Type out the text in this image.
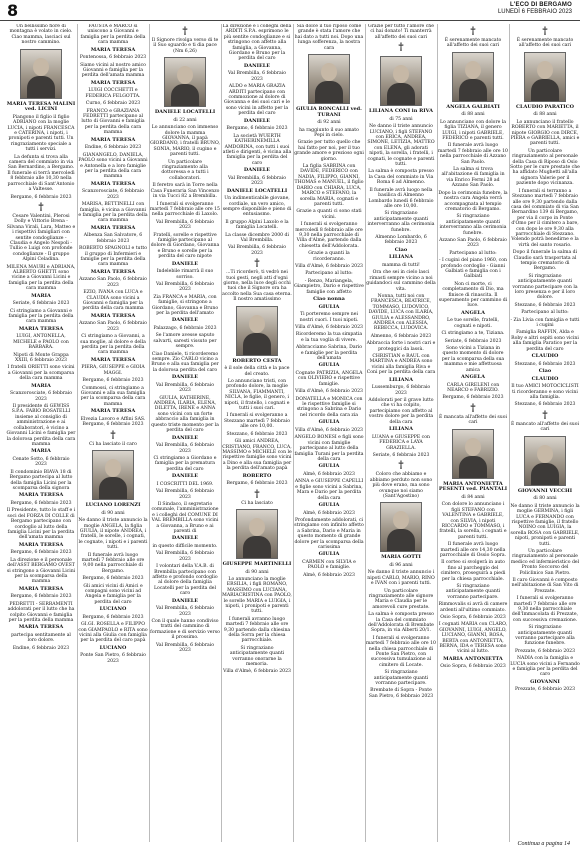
8	L'ECO DI BERGAMO
LUNEDÌ 6 FEBBRAIO 2023

Un bellissimo fiore di montagna è volato in cielo. Ciao mamma, lasciaci sul nostro cammino.

MARIA TERESA MALINI ved. LICINI

Piangono il figlio il figlio ADRIANO con la moglie LUCIA, i nipoti FRANCESCA e CATERINA, i nipoti, i pronipoti e parenti tutti. Un ringraziamento speciale a tutti i servizi.

La defunta si trova alla camera del commiato in via San Bernardino, a Bergamo. Il funerale si terrà mercoledì 8 febbraio alle 10,30 nella parrocchiale di Sant'Antonio a Valtesse.

Bergamo, 6 febbraio 2023

†

Cesare Valentini, Plerosi Dolly e Vittorio Brena - Silvana Virali, Lara, Matteo e i rispettivi famigliari con sentite condoglianze - Claudia e Angelo Nespoli - Tullio e Luigi con profonde condoglianze - Il gruppo Alpini Celadina.

MILENA MAURI e ADRIANA, ALBERTO GHETTI sono vicine a Giovanni Licini e famiglia per la perdita della cara mamma

MARIA

Seriate, 6 febbraio 2023

Ci stringiamo a Giovanni e famiglia per la perdita della cara mamma

MARIA TERESA

LUIGI, ANTONELLA, MICHELE e PAOLO con BARBARA.

Nipoti di Monte Grappa XXIII, 6 febbraio 2023

I fratelli ORIETTI sono vicini a Giovanni per la scomparsa della cara mamma

MARIA

Scanzorosciate, 6 febbraio 2023

Il presidente di GEWISS S.P.A. FABIO BOSATELLI insieme al consiglio di amministrazione e ai collaboratori, è vicino a Giovanni Licini e famiglia per la dolorosa perdita della cara mamma

MARIA

Cenate Sotto, 6 febbraio 2023

Il condominio BIAVA 18 di Bergamo partecipa al lutto della famiglia Licini per la scomparsa della signora

MARIA TERESA

Bergamo, 6 febbraio 2023

Il Presidente, tutto lo staff e i soci del FORZA DI COLLE di Bergamo partecipano con cordoglio al lutto della famiglia Licini per la perdita dell'amata mamma

MARIA TERESA

Bergamo, 6 febbraio 2023

La direzione e il personale dell'ASST BERGAMO OVEST si stringono a Giovanni Licini per la scomparsa della mamma

MARIA TERESA

Bergamo, 6 febbraio 2023

PEDRETTI - SERRAMENTI addolorati per il lutto che ha colpito Giovanni e famiglia per la perdita della mamma

MARIA TERESA

partecipa sentitamente al loro dolore.

Endine, 6 febbraio 2023

FAUSTA e MARCO si uniscono a Giovanni e famiglia per la perdita della cara mamma

MARIA TERESA

Pontenossa, 6 febbraio 2023

Siamo vicini al nostro amico Giovanni e famiglia per la perdita dell'amata mamma

MARIA TERESA

LUIGI COCCHETTI e FEDERICA FELGOTTA.

Curno, 6 febbraio 2023

FRANCO e GRAZIANA FEDRETTI partecipano al lutto di Giovanni e famiglia per la perdita della cara mamma

MARIA TERESA

Endine, 6 febbraio 2023

GIANANGELO, DANIELA, PAOLO sono vicini a Giovanni e Antonella e a loro famiglie per la perdita della cara mamma

MARIA TERESA

Scanzorosciate, 6 febbraio 2023

MARISA, BETTINELLI con famiglia, è vicina a Giovanni e famiglia per la perdita della cara mamma

MARIA TERESA

Albenza San Salvatore, 6 febbraio 2023

ROBERTO SPAGNOLI e tutto il gruppo di Infermieri e famiglie per la perdita della cara mamma

MARIA TERESA

Azzano San Paolo, 6 febbraio 2023

EZIO, IVANA con LUCA e CLAUDIA sono vicini a Giovanni e famiglia per la perdita della cara mamma

MARIA TERESA

Azzano San Paolo, 6 febbraio 2023

Ci stringiamo a Giovanni, a sua moglie, al dolore e della perdita per la perdita della cara mamma

MARIA TERESA

PIERA, GIUSEPPE e GIOIA MAGGI.

Bergamo, 6 febbraio 2023

Commossi, ci stringiamo a Giovanni e alla sua famiglia per la scomparsa della cara mamma

MARIA TERESA

Elvezia Lavoro e Affini SAS. Bergamo, 6 febbraio 2023

†

Ci ha lasciato il caro

LUCIANO LORENZI

di 90 anni

Ne danno il triste annuncio la moglie ANGELA, la figlia GIULIA, il nipote ANDREA, i fratelli, le sorelle, i cognati, le cognate, i nipoti e i parenti tutti.

Il funerale avrà luogo martedì 7 febbraio alle ore 9,00 nella parrocchiale di Bergamo.

Bergamo, 6 febbraio 2023

Gli amici vicini di Amici e compagni sono vicini ad Angela e famiglia per la perdita del caro

LUCIANO

Bergamo, 6 febbraio 2023

GI.GI. ROSELLA e FILIPPO con GIAMPAOLO e RITA sono vicini alla Giulia con famiglia per la perdita del caro papà

LUCIANO

Ponte San Pietro, 6 febbraio 2023

†

Il Signore rivolga verso di te il Suo sguardo e ti dia pace (Nm 6,26)

DANIELE LOCATELLI

di 22 anni

Lo annunciano con immenso dolore la mamma GIOVANNA, il papà GIORDANO, i fratelli BRUNO, SONIA, MARIO, il cugino e parenti tutti.

Un particolare ringraziamento alla dottoressa e a tutti i collaboratori.

Il feretro sarà in Torre nella Casa Funeraria San Vincenzo in via Tucci 82 a Brembilla.

I funerali si svolgeranno martedì 7 febbraio alle ore 15 nella parrocchiale di Laxolo.

Val Brembilla, 6 febbraio 2023

Fratelli, sorelle e rispettive famiglie partecipano al dolore di Giordano, Giovanna e Bruno e sorelle per la perdita del caro nipote

DANIELE

Indelebile rimarrà il suo sorriso.

Val Brembilla, 6 febbraio 2023

Zia FRANCA e MARIA, con famiglie, si stringono a Giordano, Giovanna e Bruno per la perdita dell'amato

DANIELE

Palazzago, 6 febbraio 2023

Se l'amore avesse saputo salvarti, saresti vissuto per sempre.

Ciao Daniele, ti ricorderemo sempre. Zio CARLO vicino a Bruno e alla sua famiglia per la dolorosa perdita del caro

DANIELE

Val Brembilla, 6 febbraio 2023

GIULIA, KATHERINE, ANDREA, ILARIA, ELENA, DILETTA, IRENE e ANNA sono vicini con un forte abbraccio alla famiglia in questo triste momento per la perdita del caro

DANIELE

Val Brembilla, 6 febbraio 2023

Ci stringiamo a Giordano e famiglia per la prematura perdita del caro

DANIELE

I COSCRITTI DEL 1969.

Val Brembilla, 6 febbraio 2023

Il Sindaco, il segretario comunale, l'amministrazione e i colleghi del COMUNE DI VAL BREMBILLA sono vicini a Giovanna, a Bruno e ai parenti di

DANIELE

in questo difficile momento.

Val Brembilla, 6 febbraio 2023

I volontari della V.A.B. di Brembilla partecipano con affetto e profondo cordoglio al dolore della famiglia Locatelli per la perdita del caro

DANIELE

Val Brembilla, 6 febbraio 2023

Con il quale hanno condiviso tratti del cammino di formazione e di servizio verso il prossimo.

Val Brembilla, 6 febbraio 2023

La direzione e i colleghi della ARDITI S.P.A. esprimono le più sentite condoglianze e si stringono con affetto alla famiglia, a Giovanna, Giordano e Bruno per la perdita del caro

DANIELE

Val Brembilla, 6 febbraio 2023

ALDO e MARIA GRAZIA ARDITI partecipano con commozione al dolore di Giovanna e dei suoi cari e le sono vicini in affetto per la perdita del caro

DANIELE

Bergamo, 6 febbraio 2023

La società WUERTH KATHERINEMILLA AMDORINA, con tutti i suoi atleti e dirigenti, è vicina alla famiglia per la perdita del caro

DANIELE

Val Brembilla, 6 febbraio 2023

DANIELE LOCATELLI

Un indimenticabile giovane, cordiale, un vero amico, sempre disponibile e pieno di entusiasmo.

Il gruppo Alpini Laxolo e la famiglia Locatelli.

La classe dicembre 2000 di Val Brembilla.

Val Brembilla, 6 febbraio 2023

†

...Ti ricorderò, ti vedrò nei tuoi gesti, negli atti d'ogni giorno, nella luce degli occhi tuoi che il Signore ora ha accolto nella Sua casa eterna. Il nostro amatissimo

ROBERTO CESTA

è il sole della città e la pace del creato.

Lo annunciano tristi, con profondo dolore, la moglie SILVANA, FIAMMANTI, NICLA, le figlie, il genero, i nipoti, il fratello, i cognati e tutti i suoi cari.

I funerali si svolgeranno a Stezzano martedì 7 febbraio alle ore 10,00.

Stezzano, 6 febbraio 2023

Gli amici ANDREA, CRISTIANO, FRANCO, LUCA, MASSIMO e MICHELE con le rispettive famiglie sono vicini a Dino e alla sua famiglia per la perdita dell'amato papà

ROBERTO

Bergamo, 6 febbraio 2023

†

Ci ha lasciato

GIUSEPPE MARTINELLI

di 90 anni

Lo annunciano la moglie ERSILIA, i figli ROMANO, MASSIMO con LUCIANA, MARIACRISTINA con PAOLO, le sorelle MARIA e LUIGIA, i nipoti, i pronipoti e parenti tutti.

I funerali avranno luogo martedì 7 febbraio alle ore 9,30 partendo dalla chiesina della Sorra per la chiesa parrocchiale.

Si ringraziano anticipatamente quanti vorranno onorarne la memoria.

Villa d'Almè, 6 febbraio 2023

Sia dolce il tuo riposo come grande è stata l'amore che hai dato a tutti noi. Dopo una lunga sofferenza, la nostra cara

GIULIA RONCALLI ved. TURANI

di 92 anni

ha raggiunto il suo amato Pepi in cielo.

Grazie per tutto quello che hai fatto per noi, per il tuo grande amore e prezioso ogni giorno.

La figlia SABRINA con DAVIDE, FEDERICO con NADIA, FILIPPO, GIANNI, THOMAS e MANUEL, il figlio DARIO con CHIARA, LUCA, MARCO e STEFANO, la sorella MARIA, cognati e parenti tutti.

Grazie a quanti ci sono stati vicini.

I funerali si svolgeranno mercoledì 8 febbraio alle ore 9,30 nella parrocchiale di Villa d'Almè, partendo dalla chiesetta dell'Addolorata.

Grazie a quanti la ricorderanno.

Villa d'Almè, 6 febbraio 2023

Partecipano al lutto:

- Renzo, Mariangela, Giampietro, Dario e rispettive famiglie con affetto

Ciao nonna

GIULIA

Ti porteremo sempre nei nostri cuori. I tuoi nipoti.

Villa d'Almè, 6 febbraio 2023

Ricorderemo la tua simpatia e la tua voglia di vivere.

Abbracciamo Sabrina, Dario e famiglie per la perdita dell'amata

GIULIA

Cognate PATRIZIA, ANGELA con OLIVIERO e rispettive famiglie.

Villa d'Almè, 6 febbraio 2023

DONATELLA e MONICA con le rispettive famiglie si stringono a Sabrina e Dario nel ricordo della cara zia

GIULIA

Villa d'Almè, 6 febbraio 2023

ANGELO BONESI e figli sono vicini con famiglie partecipano al lutto della famiglia Turani per la perdita della cara

GIULIA

Almè, 6 febbraio 2023

ANNA e GIUSEPPE CAPELLI e figlie sono vicini a Sabrina, Mara e Dario per la perdita della cara

GIULIA

Almè, 6 febbraio 2023

Profondamente addolorati, ci stringiamo con infinito affetto a Sabrina, Dario e Maria in questo momento di grande dolore per la scomparsa della carissima

GIULIA

CARMEN con SILVIA e PAOLO e famiglie.

Almè, 6 febbraio 2023

Grazie per tutto l'amore che ci hai donato! Ti manterrà all'affetto dei suoi cari

†

LILIANA CONI in RIVA

di 75 anni

Ne danno il triste annuncio LUCIANO, i figli STEFANO con ERICA, ANDREA, SIMONE, LETIZIA, MATTEO con ELENA, gli adorati nipoti, la sorella, i fratelli, i cognati, le cognate e parenti tutti.

La salma è composta presso la Casa del commiato in Via Roma 6 ad Almenno.

Il funerale avrà luogo nella basilica di Almenno Lombardo lunedì 6 febbraio alle ore 10,00.

Si ringraziano anticipatamente quanti interverranno alla cerimonia funebre.

Almenno Lombardo, 6 febbraio 2023

Ciao

LILIANA

mamma di tutti!

Ora che sei in cielo lasci rimasti sempre vicino a noi guidandoci sul cammino della vita.

Nonna, tutti noi con FRANCESCA, BEATRICE, TOMMASO, LUDOVICO, DAVIDE, LUCA con ILARIA, GIULIA e ALESSANDRO, ANDREA con ALESSIA, REBECCA, LUDOVICA.

Almenno, 6 febbraio 2023

Abbraccia forte i nostri cari e proteggici da lassù.

CHRISTIAN e RAUL con MARTINA e ANDREA sono vicini alla famiglia Riva e Coni per la perdita della cara

LILIANA

Lussemburgo, 6 febbraio 2023

Addolorati per il grave lutto che vi ha colpito, partecipiamo con affetto al vostro dolore per la perdita della cara

LILIANA

LUANA e GIUSEPPE con FEDERICA e LAYA GRAZIELLA.

Seriate, 6 febbraio 2023

†

Coloro che abbiamo e abbiamo perduto non sono più dove erano, ma sono ovunque noi siamo (Sant'Agostino)

MARIA GOTTI

di 96 anni

Ne danno il triste annuncio i nipoti CARLO, MARIO, RINO e IVAN con i parenti tutti.

Un particolare ringraziamento alle signore Maria e Claudia per le amorevoli cure prestate.

La salma è composta presso la Casa del commiato dell'Addolorata di Brembate Sopra, in via Alberti 20/1.

I funerali si svolgeranno martedì 7 febbraio alle ore 10 nella chiesa parrocchiale di Ponte San Pietro, con successiva tumulazione al cimitero di Locate.

Si ringraziano anticipatamente quanti vorranno partecipare.

Brembate di Sopra - Ponte San Pietro, 6 febbraio 2023

†

È serenamente mancato all'affetto dei suoi cari

ANGELA GALBIATI

di 88 anni

Lo annunciano con dolore la figlia TIZIANA, il genero LUIGI, i nipoti GABRIELE, FEDERICO e parenti tutti.

Il funerale avrà luogo martedì 7 febbraio alle ore 10 nella parrocchiale di Azzano San Paolo.

La salma si trova all'abitazione di famiglia in via Enrico Fermi 28 ad Azzano San Paolo.

Dopo la cerimonia funebre, la nostra cara Angela verrà accompagnata al tempio crematorio di Bergamo.

Si ringraziano anticipatamente quanti interverranno alla cerimonia funebre.

Azzano San Paolo, 6 febbraio 2023

Partecipano al lutto:

- I cugini del piano 1960, con profondo cordoglio - Gianni Galbiati e famiglia con i Galbiati

Non ci morte, ci completamento di Dio, ma finisce di rinascita. Il superamento per cammino di luce.

ANGELA

Le tue sorelle, fratelli, cognati e nipoti.

Ci stringiamo a te, Tiziana.

Seriate, 6 febbraio 2023

Sono vicini a Tiziana in questo momento di dolore per la scomparsa della sua mamma e mie affettuosa amica

ANGELA

CARLA GIRELENI con NEARCO e FABRIZIO.

Bergamo, 6 febbraio 2023

†

È mancata all'affetto dei suoi cari

MARIA ANTONIETTA PESENTI ved. PIANTALI

di 84 anni

Con dolore lo annunciano i figli STEFANO con VALENTINA e GABRIELE, con SILVIA, i nipoti RICCARDO e TOMMASO, i fratelli, la sorella, i cognati e parenti tutti.

Il funerale avrà luogo martedì alle ore 14,30 nella parrocchiale di Ossio Sopra.

Il corteo si svolgerà in auto fino al parcheggio del cimitero, proseguirà a piedi per la chiesa parrocchiale.

Si ringraziano anticipatamente quanti vorranno partecipare.

Rimmovalis si avrà di camere ardenti all'ultimo commiato.

Osio Sopra, 6 febbraio 2023

I cognati MARIA con CLARO, GIOVANNI, LUIGI, ANGELO, LUCIANO, GIANNI, ROSA, BERTA con ANTONIETTA, BERNA, IDA e TERESA sono vicini al lutto.

MARIA ANTONIETTA

Osio Sopra, 6 febbraio 2023

†

È serenamente mancato all'affetto dei suoi cari

CLAUDIO PARATICO

di 88 anni

Lo annunciano il fratello ROBERTO con MARIETTA, il nipote GIORGIO con DIRCE, PIERA e GABRIELLA, amici e parenti tutti.

Un particolare ringraziamento al personale della Casa di Riposo di Osio Sotto per le cure prestate che ha affidato Mughetti all'alla signora Valerie per il paziente dopo vicinanza.

I funerali si terranno a Stezzano martedì 7 febbraio alle ore 9,30 partendo dalla casa del commiato di via San Bernardino 139 di Bergamo, per via il corpo in Ponte d'Omo per il cimitero a bare, con dopo le ore 9,30 alla parrocchiale di Stezzano. Volendo potrà benedirne e la virtù del santo rosario.

Dopo il funerale la salma di Claudio sarà trasportata al tempio crematorio di Bergamo.

Si ringraziano anticipatamente quanti vorranno partecipare con la loro presenza e per il loro dolore.

Stezzano, 6 febbraio 2023

Partecipano al lutto:

- Zia Livia con famiglia e tutti i cugini

Famiglia RAFFIN, Alda e Roby e altri ospiti sono vicini alla famiglia Paratico per la perdita del caro

CLAUDIO

Stezzano, 6 febbraio 2023

Ciao

CLAUDIO

Il tuo AMICI MOTOCICLISTI ti ricorderanno e sono vicini alla famiglia.

Stezzano, 6 febbraio 2023

†

È mancato all'affetto dei suoi cari

GIOVANNI VECCHI

di 80 anni

Ne danno il triste annuncio la moglie GERMINA, i figli LUCA e FERNANDO con rispettive famiglie, il fratello NOINO con LUIGIA, la sorella ROSA con GABRIELE, nipoti, pronipoti e parenti tutti.

Un particolare ringraziamento al personale medico ed infermieristico del Pronto Soccorso del Policlinico San Pietro.

Il caro Giovanni è composto nell'abitazione di San Vito di Prezzate.

I funerali si svolgeranno martedì 7 febbraio alle ore 9,30 nella parrocchiale dell'Immacolata di Prezzate, con successiva cremazione.

Si ringraziano anticipatamente quanti vorranno partecipare alla funzione funebre.

Prezzate, 6 febbraio 2023

NADIA con la famiglia e LUCIA sono vicini a Fernando e famiglia per la perdita del caro

GIOVANNI

Prezzate, 6 febbraio 2023

Continua a pagina 14
